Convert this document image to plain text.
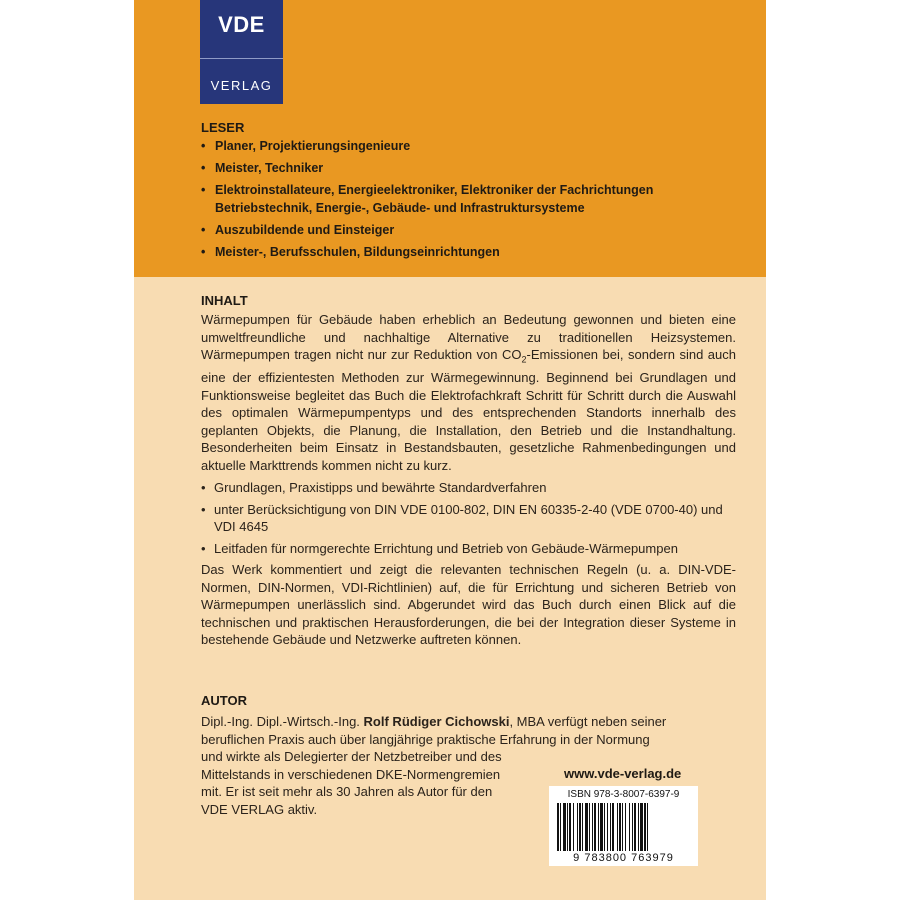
VDE
VERLAG
LESER
• Planer, Projektierungsingenieure
• Meister, Techniker
• Elektroinstallateure, Energieelektroniker, Elektroniker der Fachrichtungen Betriebstechnik, Energie-, Gebäude- und Infrastruktursysteme
• Auszubildende und Einsteiger
• Meister-, Berufsschulen, Bildungseinrichtungen
INHALT

Wärmepumpen für Gebäude haben erheblich an Bedeutung gewonnen und bieten eine umweltfreundliche und nachhaltige Alternative zu traditionellen Heizsystemen. Wärmepumpen tragen nicht nur zur Reduktion von $CO_2$-Emissionen bei, sondern sind auch eine der effizientesten Methoden zur Wärmegewinnung. Beginnend bei Grundlagen und Funktionsweise begleitet das Buch die Elektrofachkraft Schritt für Schritt durch die Auswahl des optimalen Wärmepumpentyps und des entsprechenden Standorts innerhalb des geplanten Objekts, die Planung, die Installation, den Betrieb und die Instandhaltung. Besonderheiten beim Einsatz in Bestandsbauten, gesetzliche Rahmenbedingungen und aktuelle Markttrends kommen nicht zu kurz.

• Grundlagen, Praxistipps und bewährte Standardverfahren
• unter Berücksichtigung von DIN VDE 0100-802, DIN EN 60335-2-40 (VDE 0700-40) und VDI 4645
• Leitfaden für normgerechte Errichtung und Betrieb von Gebäude-Wärmepumpen

Das Werk kommentiert und zeigt die relevanten technischen Regeln (u. a. DIN-VDE-Normen, DIN-Normen, VDI-Richtlinien) auf, die für Errichtung und sicheren Betrieb von Wärmepumpen unerlässlich sind. Abgerundet wird das Buch durch einen Blick auf die technischen und praktischen Herausforderungen, die bei der Integration dieser Systeme in bestehende Gebäude und Netzwerke auftreten können.

AUTOR
Dipl.-Ing. Dipl.-Wirtsch.-Ing. Rolf Rüdiger Cichowski, MBA verfügt neben seiner
beruflichen Praxis auch über langjährige praktische Erfahrung in der Normung
und wirkte als Delegierter der Netzbetreiber und des
Mittelstands in verschiedenen DKE-Normengremien
mit. Er ist seit mehr als 30 Jahren als Autor für den
VDE VERLAG aktiv.
www.vde-verlag.de
ISBN 978-3-8007-6397-9
9 783800 763979
